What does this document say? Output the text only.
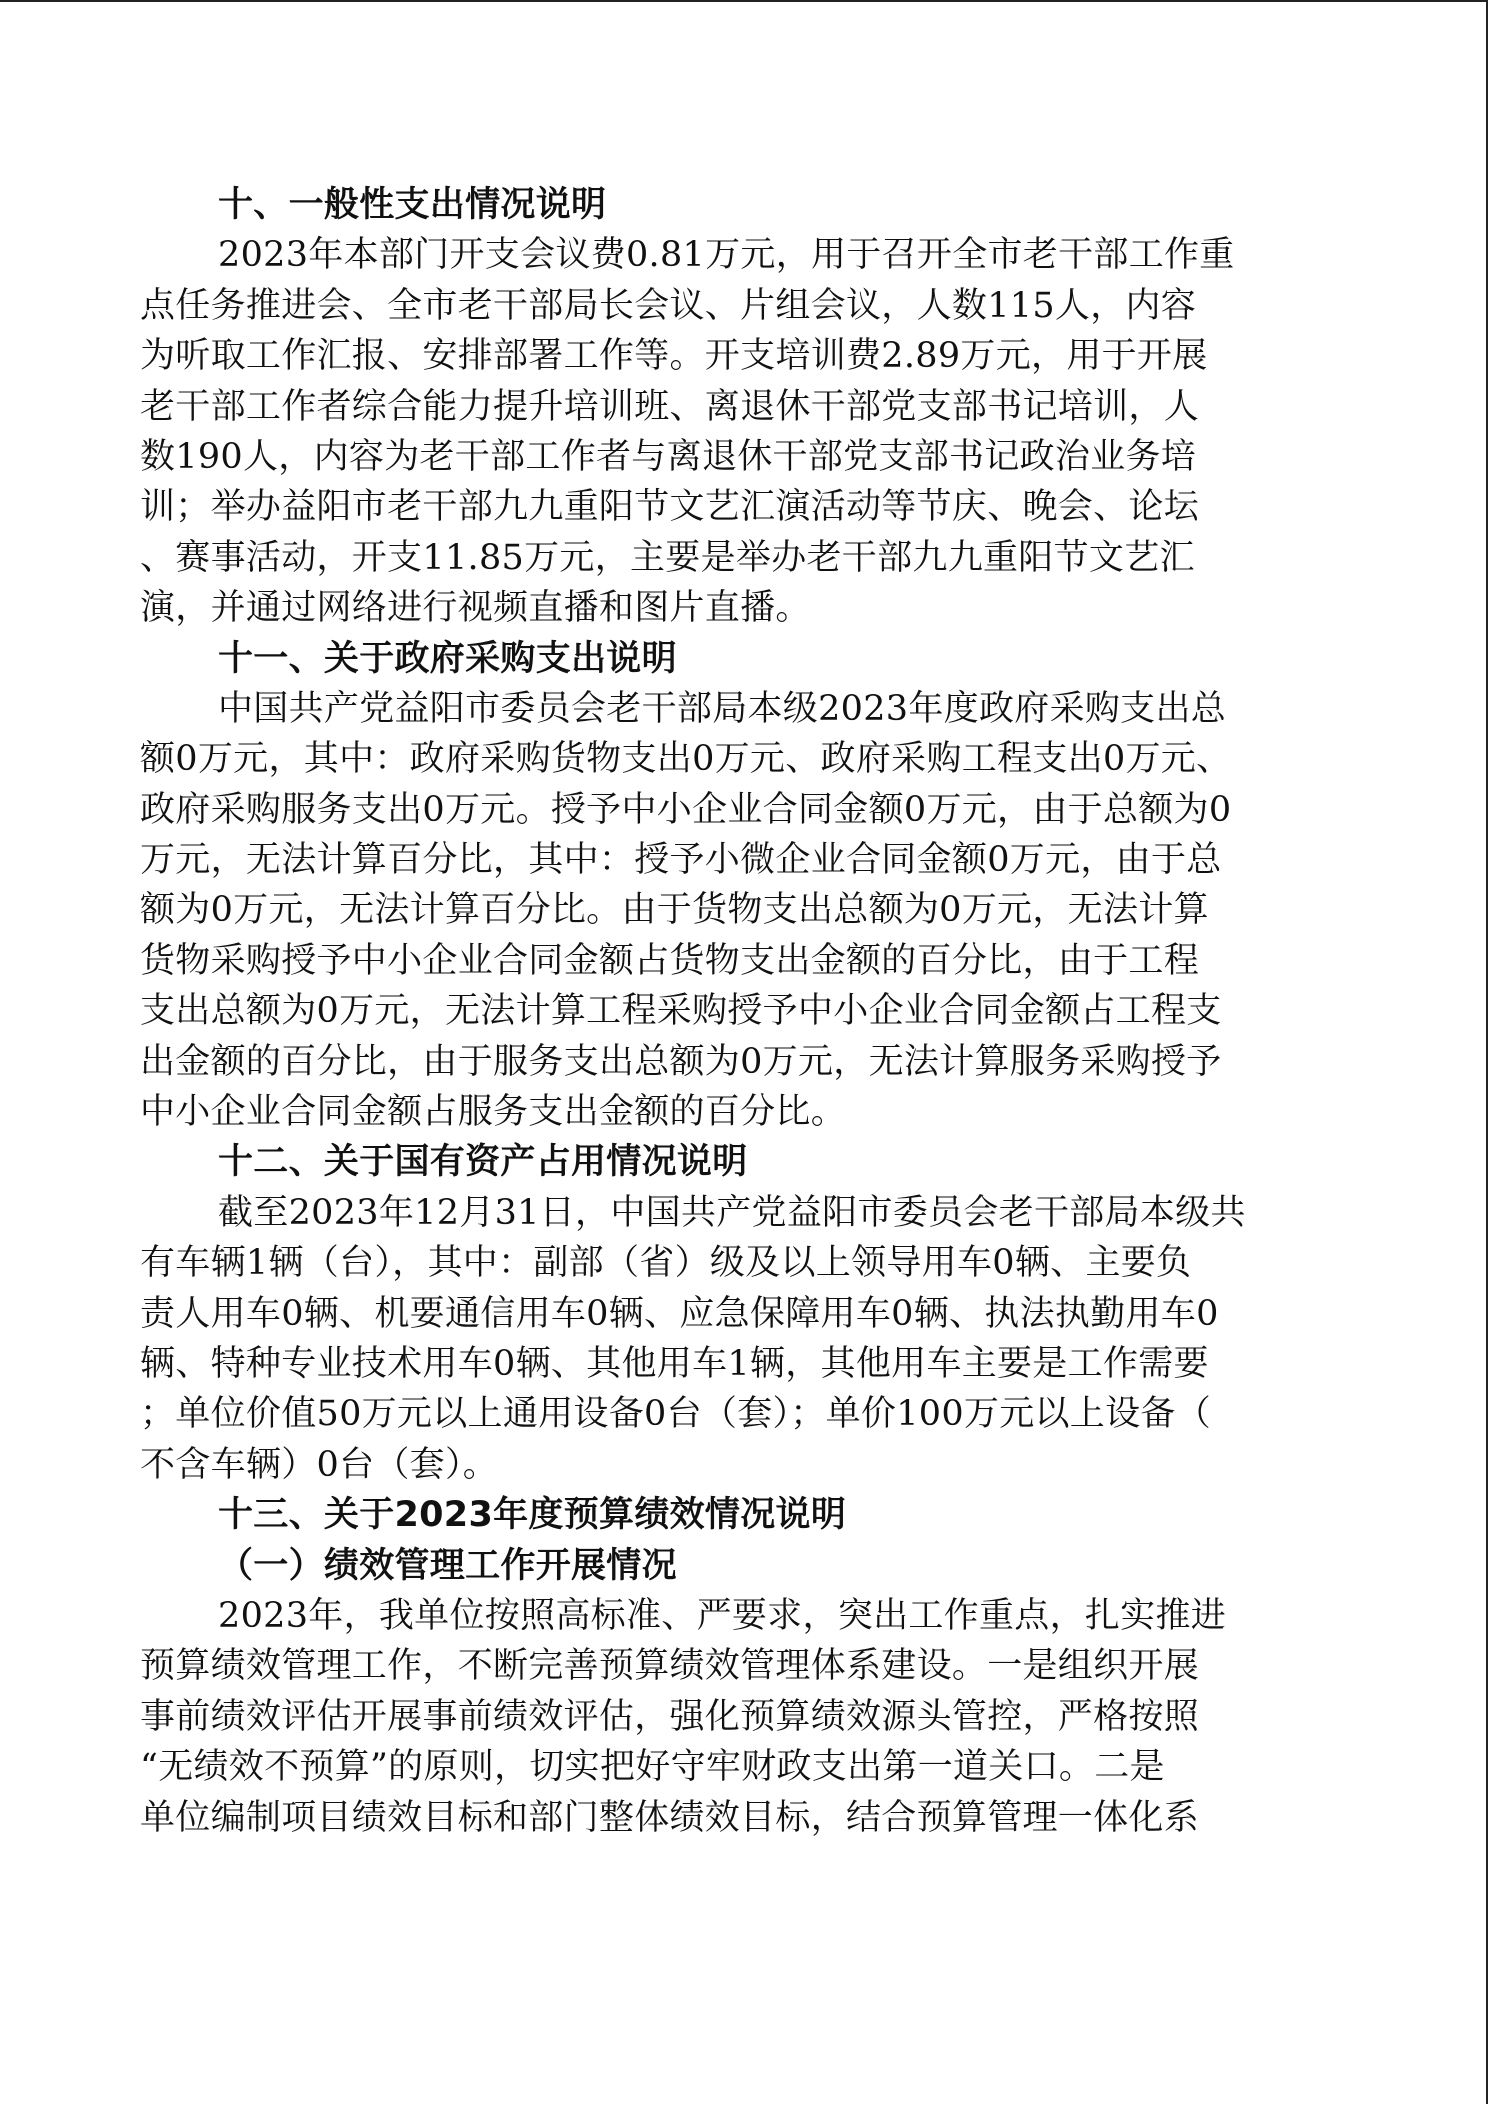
十、一般性支出情况说明
2023年本部门开支会议费0.81万元，用于召开全市老干部工作重
点任务推进会、全市老干部局长会议、片组会议，人数115人，内容
为听取工作汇报、安排部署工作等。开支培训费2.89万元，用于开展
老干部工作者综合能力提升培训班、离退休干部党支部书记培训，人
数190人，内容为老干部工作者与离退休干部党支部书记政治业务培
训；举办益阳市老干部九九重阳节文艺汇演活动等节庆、晚会、论坛
、赛事活动，开支11.85万元，主要是举办老干部九九重阳节文艺汇
演，并通过网络进行视频直播和图片直播。
十一、关于政府采购支出说明
中国共产党益阳市委员会老干部局本级2023年度政府采购支出总
额0万元，其中：政府采购货物支出0万元、政府采购工程支出0万元、
政府采购服务支出0万元。授予中小企业合同金额0万元，由于总额为0
万元，无法计算百分比，其中：授予小微企业合同金额0万元，由于总
额为0万元，无法计算百分比。由于货物支出总额为0万元，无法计算
货物采购授予中小企业合同金额占货物支出金额的百分比，由于工程
支出总额为0万元，无法计算工程采购授予中小企业合同金额占工程支
出金额的百分比，由于服务支出总额为0万元，无法计算服务采购授予
中小企业合同金额占服务支出金额的百分比。
十二、关于国有资产占用情况说明
截至2023年12月31日，中国共产党益阳市委员会老干部局本级共
有车辆1辆（台），其中：副部（省）级及以上领导用车0辆、主要负
责人用车0辆、机要通信用车0辆、应急保障用车0辆、执法执勤用车0
辆、特种专业技术用车0辆、其他用车1辆，其他用车主要是工作需要
；单位价值50万元以上通用设备0台（套）；单价100万元以上设备（
不含车辆）0台（套）。
十三、关于2023年度预算绩效情况说明
（一）绩效管理工作开展情况
2023年，我单位按照高标准、严要求，突出工作重点，扎实推进
预算绩效管理工作，不断完善预算绩效管理体系建设。一是组织开展
事前绩效评估开展事前绩效评估，强化预算绩效源头管控，严格按照
“无绩效不预算”的原则，切实把好守牢财政支出第一道关口。二是
单位编制项目绩效目标和部门整体绩效目标，结合预算管理一体化系
